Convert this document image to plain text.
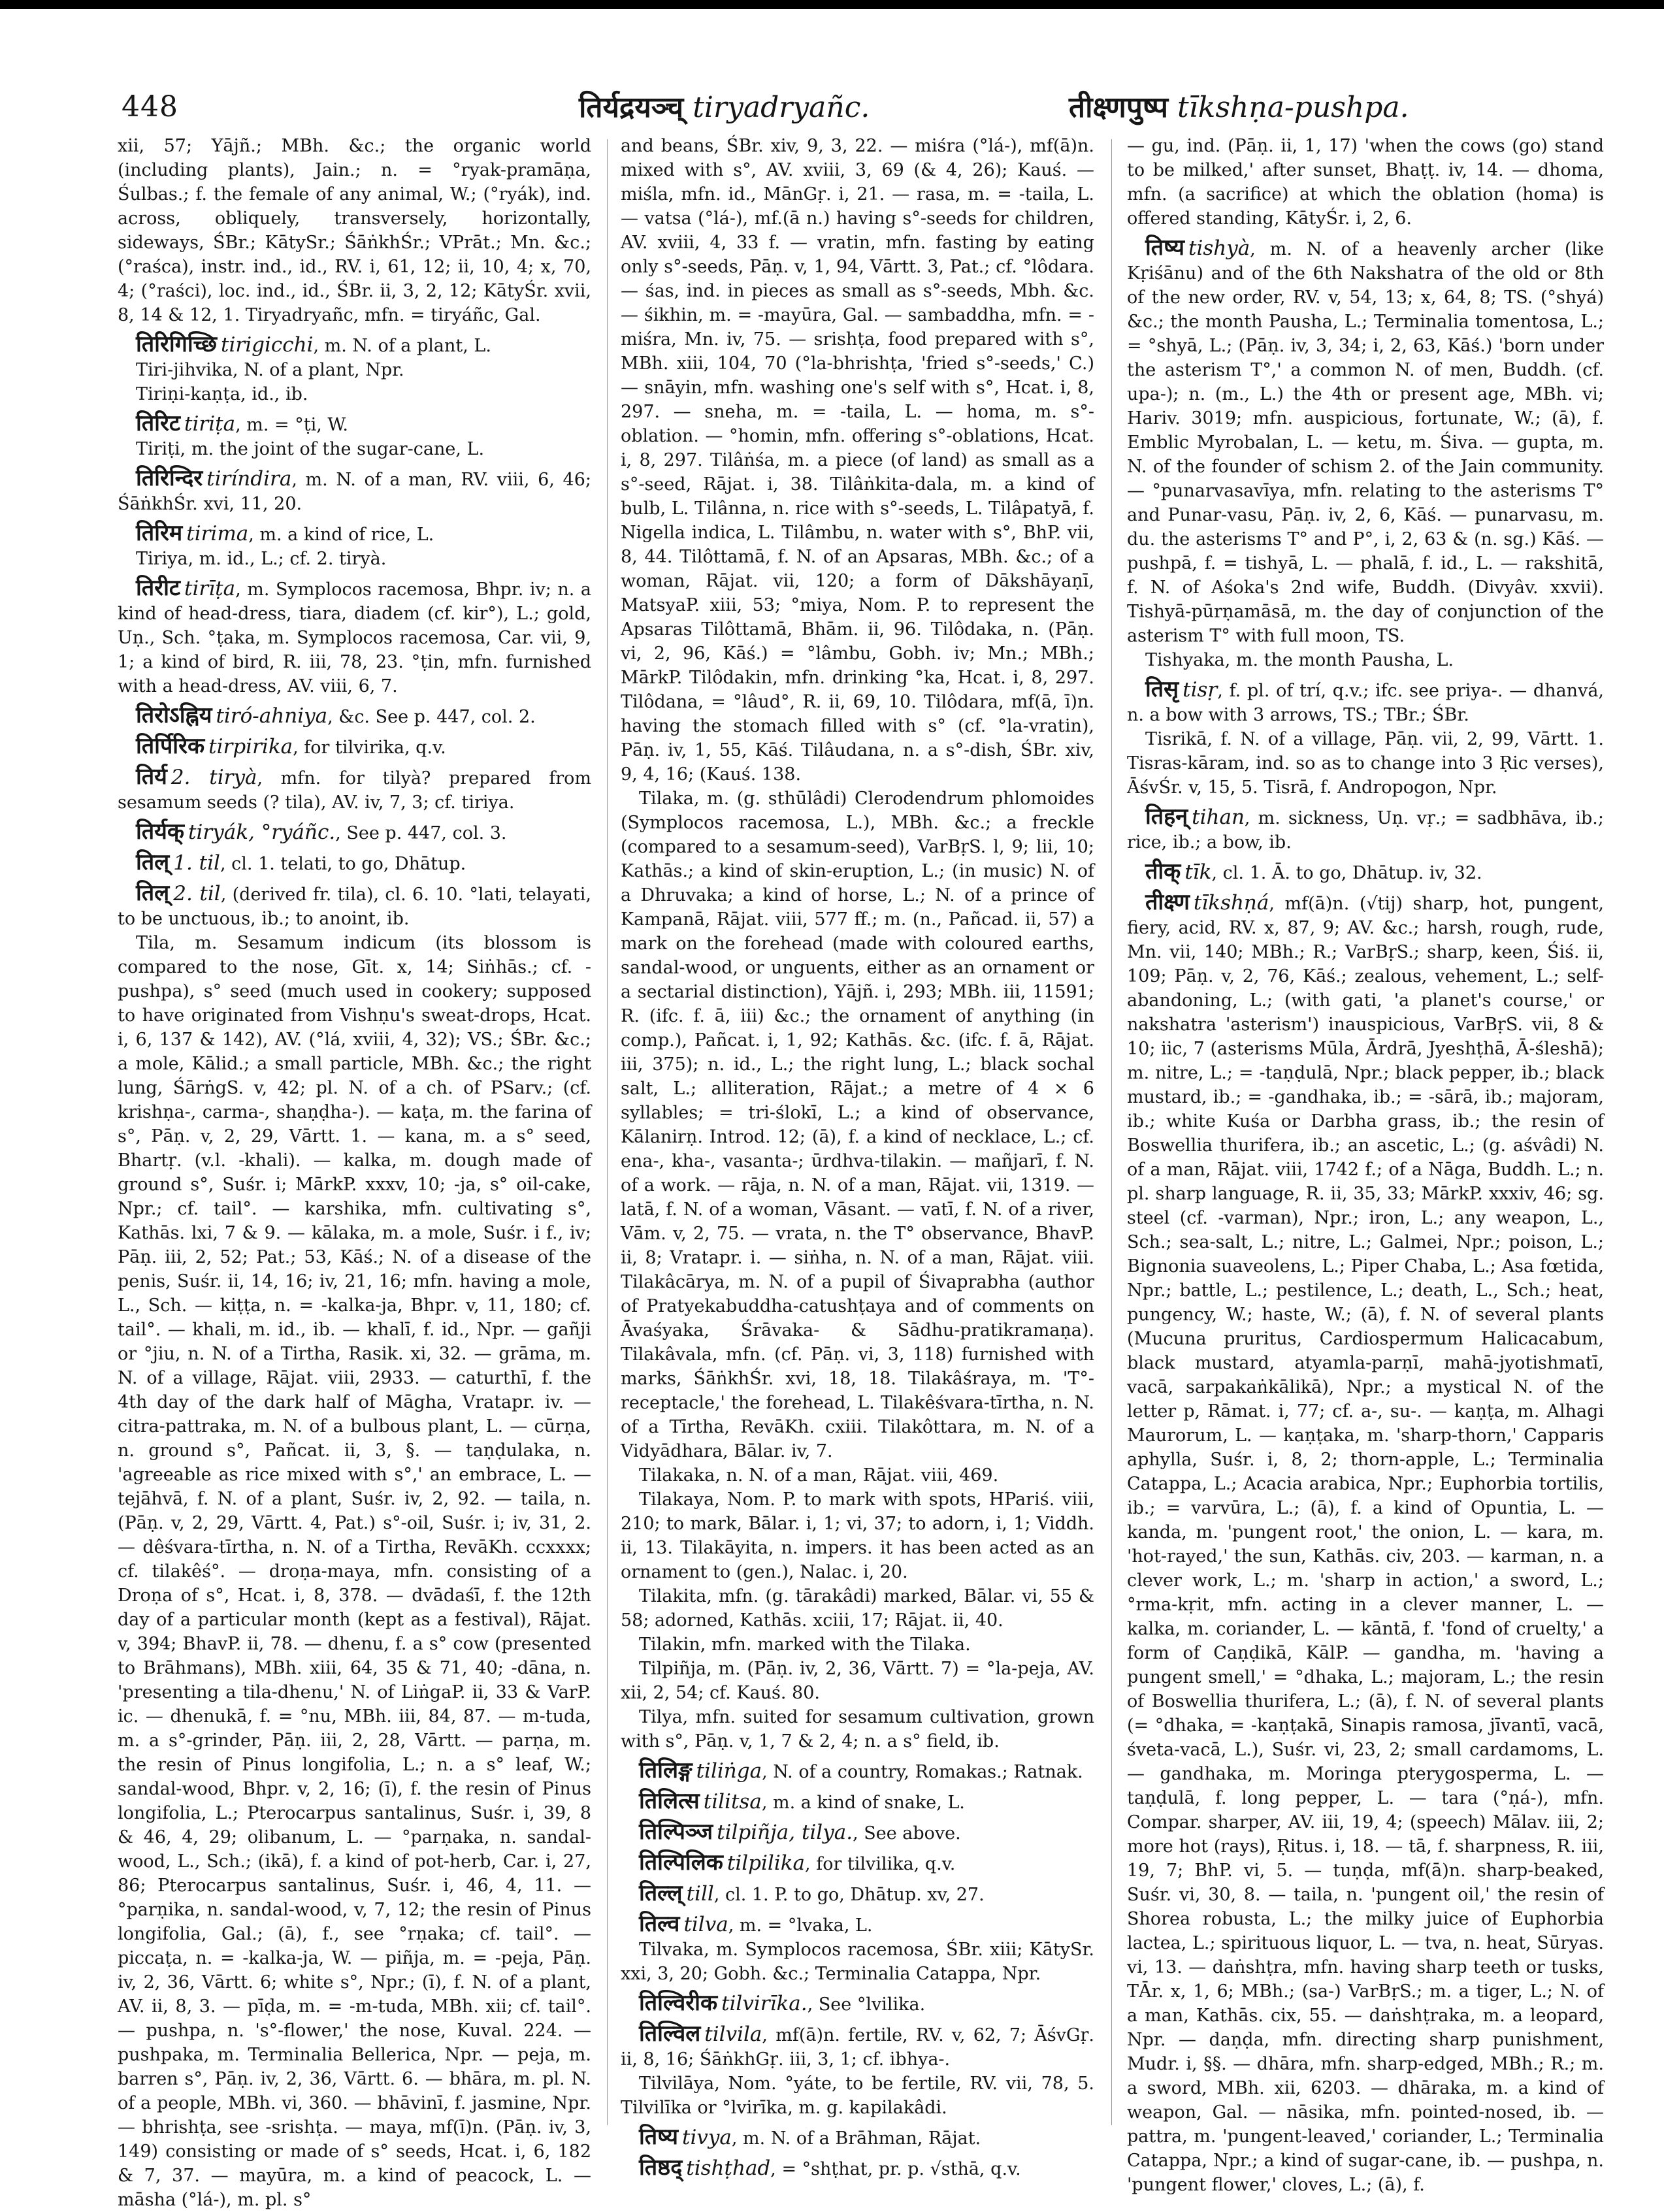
448	तिर्यद्रयञ्च् tiryadryañc.	तीक्ष्णपुष्प tīkshṇa-pushpa.

xii, 57; Yājñ.; MBh. &c.; the organic world (including plants), Jain.; n. = °ryak-pramāṇa, Śulbas.; f. the female of any animal, W.; (°ryák), ind. across, obliquely, transversely, horizontally, sideways, ŚBr.; KātySr.; ŚāṅkhŚr.; VPrāt.; Mn. &c.; (°raśca), instr. ind., id., RV. i, 61, 12; ii, 10, 4; x, 70, 4; (°raści), loc. ind., id., ŚBr. ii, 3, 2, 12; KātyŚr. xvii, 8, 14 & 12, 1. Tiryadryañc, mfn. = tiryáñc, Gal.

तिरिगिच्छि tirigicchi, m. N. of a plant, L.

Tiri-jihvika, N. of a plant, Npr.

Tiriṇi-kaṇṭa, id., ib.

तिरिट tiriṭa, m. = °ṭi, W.

Tiriṭi, m. the joint of the sugar-cane, L.

तिरिन्दिर tiríndira, m. N. of a man, RV. viii, 6, 46; ŚāṅkhŚr. xvi, 11, 20.

तिरिम tirima, m. a kind of rice, L.

Tiriya, m. id., L.; cf. 2. tiryà.

तिरीट tirīṭa, m. Symplocos racemosa, Bhpr. iv; n. a kind of head-dress, tiara, diadem (cf. kir°), L.; gold, Uṇ., Sch. °ṭaka, m. Symplocos racemosa, Car. vii, 9, 1; a kind of bird, R. iii, 78, 23. °ṭin, mfn. furnished with a head-dress, AV. viii, 6, 7.

तिरोऽह्निय tiró-ahniya, &c. See p. 447, col. 2.

तिर्पिरिक tirpirika, for tilvirika, q.v.

तिर्य 2. tiryà, mfn. for tilyà? prepared from sesamum seeds (? tila), AV. iv, 7, 3; cf. tiriya.

तिर्यक् tiryák, °ryáñc., See p. 447, col. 3.

तिल् 1. til, cl. 1. telati, to go, Dhātup.

तिल् 2. til, (derived fr. tila), cl. 6. 10. °lati, telayati, to be unctuous, ib.; to anoint, ib.

Tila, m. Sesamum indicum (its blossom is compared to the nose, Gīt. x, 14; Siṅhās.; cf. -pushpa), s° seed (much used in cookery; supposed to have originated from Vishṇu's sweat-drops, Hcat. i, 6, 137 & 142), AV. (°lá, xviii, 4, 32); VS.; ŚBr. &c.; a mole, Kālid.; a small particle, MBh. &c.; the right lung, ŚārṅgS. v, 42; pl. N. of a ch. of PSarv.; (cf. krishṇa-, carma-, shaṇḍha-). — kaṭa, m. the farina of s°, Pāṇ. v, 2, 29, Vārtt. 1. — kana, m. a s° seed, Bhartṛ. (v.l. -khali). — kalka, m. dough made of ground s°, Suśr. i; MārkP. xxxv, 10; -ja, s° oil-cake, Npr.; cf. tail°. — karshika, mfn. cultivating s°, Kathās. lxi, 7 & 9. — kālaka, m. a mole, Suśr. i f., iv; Pāṇ. iii, 2, 52; Pat.; 53, Kāś.; N. of a disease of the penis, Suśr. ii, 14, 16; iv, 21, 16; mfn. having a mole, L., Sch. — kiṭṭa, n. = -kalka-ja, Bhpr. v, 11, 180; cf. tail°. — khali, m. id., ib. — khalī, f. id., Npr. — gañji or °jiu, n. N. of a Tirtha, Rasik. xi, 32. — grāma, m. N. of a village, Rājat. viii, 2933. — caturthī, f. the 4th day of the dark half of Māgha, Vratapr. iv. — citra-pattraka, m. N. of a bulbous plant, L. — cūrṇa, n. ground s°, Pañcat. ii, 3, §. — taṇḍulaka, n. 'agreeable as rice mixed with s°,' an embrace, L. — tejāhvā, f. N. of a plant, Suśr. iv, 2, 92. — taila, n. (Pāṇ. v, 2, 29, Vārtt. 4, Pat.) s°-oil, Suśr. i; iv, 31, 2. — dêśvara-tīrtha, n. N. of a Tirtha, RevāKh. ccxxxx; cf. tilakêś°. — droṇa-maya, mfn. consisting of a Droṇa of s°, Hcat. i, 8, 378. — dvādaśī, f. the 12th day of a particular month (kept as a festival), Rājat. v, 394; BhavP. ii, 78. — dhenu, f. a s° cow (presented to Brāhmans), MBh. xiii, 64, 35 & 71, 40; -dāna, n. 'presenting a tila-dhenu,' N. of LiṅgaP. ii, 33 & VarP. ic. — dhenukā, f. = °nu, MBh. iii, 84, 87. — m-tuda, m. a s°-grinder, Pāṇ. iii, 2, 28, Vārtt. — parṇa, m. the resin of Pinus longifolia, L.; n. a s° leaf, W.; sandal-wood, Bhpr. v, 2, 16; (ī), f. the resin of Pinus longifolia, L.; Pterocarpus santalinus, Suśr. i, 39, 8 & 46, 4, 29; olibanum, L. — °parṇaka, n. sandal-wood, L., Sch.; (ikā), f. a kind of pot-herb, Car. i, 27, 86; Pterocarpus santalinus, Suśr. i, 46, 4, 11. — °parṇika, n. sandal-wood, v, 7, 12; the resin of Pinus longifolia, Gal.; (ā), f., see °rṇaka; cf. tail°. — piccaṭa, n. = -kalka-ja, W. — piñja, m. = -peja, Pāṇ. iv, 2, 36, Vārtt. 6; white s°, Npr.; (ī), f. N. of a plant, AV. ii, 8, 3. — pīḍa, m. = -m-tuda, MBh. xii; cf. tail°. — pushpa, n. 's°-flower,' the nose, Kuval. 224. — pushpaka, m. Terminalia Bellerica, Npr. — peja, m. barren s°, Pāṇ. iv, 2, 36, Vārtt. 6. — bhāra, m. pl. N. of a people, MBh. vi, 360. — bhāvinī, f. jasmine, Npr. — bhrishṭa, see -srishṭa. — maya, mf(ī)n. (Pāṇ. iv, 3, 149) consisting or made of s° seeds, Hcat. i, 6, 182 & 7, 37. — mayūra, m. a kind of peacock, L. — māsha (°lá-), m. pl. s°

and beans, ŚBr. xiv, 9, 3, 22. — miśra (°lá-), mf(ā)n. mixed with s°, AV. xviii, 3, 69 (& 4, 26); Kauś. — miśla, mfn. id., MānGṛ. i, 21. — rasa, m. = -taila, L. — vatsa (°lá-), mf.(ā n.) having s°-seeds for children, AV. xviii, 4, 33 f. — vratin, mfn. fasting by eating only s°-seeds, Pāṇ. v, 1, 94, Vārtt. 3, Pat.; cf. °lôdara. — śas, ind. in pieces as small as s°-seeds, Mbh. &c. — śikhin, m. = -mayūra, Gal. — sambaddha, mfn. = -miśra, Mn. iv, 75. — srishṭa, food prepared with s°, MBh. xiii, 104, 70 (°la-bhrishṭa, 'fried s°-seeds,' C.) — snāyin, mfn. washing one's self with s°, Hcat. i, 8, 297. — sneha, m. = -taila, L. — homa, m. s°-oblation. — °homin, mfn. offering s°-oblations, Hcat. i, 8, 297. Tilâṅśa, m. a piece (of land) as small as a s°-seed, Rājat. i, 38. Tilâṅkita-dala, m. a kind of bulb, L. Tilânna, n. rice with s°-seeds, L. Tilâpatyā, f. Nigella indica, L. Tilâmbu, n. water with s°, BhP. vii, 8, 44. Tilôttamā, f. N. of an Apsaras, MBh. &c.; of a woman, Rājat. vii, 120; a form of Dākshāyaṇī, MatsyaP. xiii, 53; °miya, Nom. P. to represent the Apsaras Tilôttamā, Bhām. ii, 96. Tilôdaka, n. (Pāṇ. vi, 2, 96, Kāś.) = °lâmbu, Gobh. iv; Mn.; MBh.; MārkP. Tilôdakin, mfn. drinking °ka, Hcat. i, 8, 297. Tilôdana, = °lâud°, R. ii, 69, 10. Tilôdara, mf(ā, ī)n. having the stomach filled with s° (cf. °la-vratin), Pāṇ. iv, 1, 55, Kāś. Tilâudana, n. a s°-dish, ŚBr. xiv, 9, 4, 16; (Kauś. 138.

Tilaka, m. (g. sthūlâdi) Clerodendrum phlomoides (Symplocos racemosa, L.), MBh. &c.; a freckle (compared to a sesamum-seed), VarBṛS. l, 9; lii, 10; Kathās.; a kind of skin-eruption, L.; (in music) N. of a Dhruvaka; a kind of horse, L.; N. of a prince of Kampanā, Rājat. viii, 577 ff.; m. (n., Pañcad. ii, 57) a mark on the forehead (made with coloured earths, sandal-wood, or unguents, either as an ornament or a sectarial distinction), Yājñ. i, 293; MBh. iii, 11591; R. (ifc. f. ā, iii) &c.; the ornament of anything (in comp.), Pañcat. i, 1, 92; Kathās. &c. (ifc. f. ā, Rājat. iii, 375); n. id., L.; the right lung, L.; black sochal salt, L.; alliteration, Rājat.; a metre of 4 × 6 syllables; = tri-ślokī, L.; a kind of observance, Kālanirṇ. Introd. 12; (ā), f. a kind of necklace, L.; cf. ena-, kha-, vasanta-; ūrdhva-tilakin. — mañjarī, f. N. of a work. — rāja, n. N. of a man, Rājat. vii, 1319. — latā, f. N. of a woman, Vāsant. — vatī, f. N. of a river, Vām. v, 2, 75. — vrata, n. the T° observance, BhavP. ii, 8; Vratapr. i. — siṅha, n. N. of a man, Rājat. viii. Tilakâcārya, m. N. of a pupil of Śivaprabha (author of Pratyekabuddha-catushṭaya and of comments on Āvaśyaka, Śrāvaka- & Sādhu-pratikramaṇa). Tilakâvala, mfn. (cf. Pāṇ. vi, 3, 118) furnished with marks, ŚāṅkhŚr. xvi, 18, 18. Tilakâśraya, m. 'T°-receptacle,' the forehead, L. Tilakêśvara-tīrtha, n. N. of a Tīrtha, RevāKh. cxiii. Tilakôttara, m. N. of a Vidyādhara, Bālar. iv, 7.

Tilakaka, n. N. of a man, Rājat. viii, 469.

Tilakaya, Nom. P. to mark with spots, HPariś. viii, 210; to mark, Bālar. i, 1; vi, 37; to adorn, i, 1; Viddh. ii, 13. Tilakāyita, n. impers. it has been acted as an ornament to (gen.), Nalac. i, 20.

Tilakita, mfn. (g. tārakâdi) marked, Bālar. vi, 55 & 58; adorned, Kathās. xciii, 17; Rājat. ii, 40.

Tilakin, mfn. marked with the Tilaka.

Tilpiñja, m. (Pāṇ. iv, 2, 36, Vārtt. 7) = °la-peja, AV. xii, 2, 54; cf. Kauś. 80.

Tilya, mfn. suited for sesamum cultivation, grown with s°, Pāṇ. v, 1, 7 & 2, 4; n. a s° field, ib.

तिलिङ्ग tiliṅga, N. of a country, Romakas.; Ratnak.

तिलित्स tilitsa, m. a kind of snake, L.

तिल्पिञ्ज tilpiñja, tilya., See above.

तिल्पिलिक tilpilika, for tilvilika, q.v.

तिल्ल् till, cl. 1. P. to go, Dhātup. xv, 27.

तिल्व tilva, m. = °lvaka, L.

Tilvaka, m. Symplocos racemosa, ŚBr. xiii; KātySr. xxi, 3, 20; Gobh. &c.; Terminalia Catappa, Npr.

तिल्विरीक tilvirīka., See °lvilika.

तिल्विल tilvila, mf(ā)n. fertile, RV. v, 62, 7; ĀśvGṛ. ii, 8, 16; ŚāṅkhGṛ. iii, 3, 1; cf. ibhya-.

Tilvilāya, Nom. °yáte, to be fertile, RV. vii, 78, 5. Tilvilīka or °lvirīka, m. g. kapilakâdi.

तिष्य tivya, m. N. of a Brāhman, Rājat.

तिष्ठद् tishṭhad, = °shṭhat, pr. p. √sthā, q.v.

— gu, ind. (Pāṇ. ii, 1, 17) 'when the cows (go) stand to be milked,' after sunset, Bhaṭṭ. iv, 14. — dhoma, mfn. (a sacrifice) at which the oblation (homa) is offered standing, KātyŚr. i, 2, 6.

तिष्य tishyà, m. N. of a heavenly archer (like Kṛiśānu) and of the 6th Nakshatra of the old or 8th of the new order, RV. v, 54, 13; x, 64, 8; TS. (°shyá) &c.; the month Pausha, L.; Terminalia tomentosa, L.; = °shyā, L.; (Pāṇ. iv, 3, 34; i, 2, 63, Kāś.) 'born under the asterism T°,' a common N. of men, Buddh. (cf. upa-); n. (m., L.) the 4th or present age, MBh. vi; Hariv. 3019; mfn. auspicious, fortunate, W.; (ā), f. Emblic Myrobalan, L. — ketu, m. Śiva. — gupta, m. N. of the founder of schism 2. of the Jain community. — °punarvasavīya, mfn. relating to the asterisms T° and Punar-vasu, Pāṇ. iv, 2, 6, Kāś. — punarvasu, m. du. the asterisms T° and P°, i, 2, 63 & (n. sg.) Kāś. — pushpā, f. = tishyā, L. — phalā, f. id., L. — rakshitā, f. N. of Aśoka's 2nd wife, Buddh. (Divyâv. xxvii). Tishyā-pūrṇamāsā, m. the day of conjunction of the asterism T° with full moon, TS.

Tishyaka, m. the month Pausha, L.

तिसृ tisṛ, f. pl. of trí, q.v.; ifc. see priya-. — dhanvá, n. a bow with 3 arrows, TS.; TBr.; ŚBr.

Tisrikā, f. N. of a village, Pāṇ. vii, 2, 99, Vārtt. 1. Tisras-kāram, ind. so as to change into 3 Ṛic verses), ĀśvŚr. v, 15, 5. Tisrā, f. Andropogon, Npr.

तिहन् tihan, m. sickness, Uṇ. vṛ.; = sadbhāva, ib.; rice, ib.; a bow, ib.

तीक् tīk, cl. 1. Ā. to go, Dhātup. iv, 32.

तीक्ष्ण tīkshṇá, mf(ā)n. (√tij) sharp, hot, pungent, fiery, acid, RV. x, 87, 9; AV. &c.; harsh, rough, rude, Mn. vii, 140; MBh.; R.; VarBṛS.; sharp, keen, Śiś. ii, 109; Pāṇ. v, 2, 76, Kāś.; zealous, vehement, L.; self-abandoning, L.; (with gati, 'a planet's course,' or nakshatra 'asterism') inauspicious, VarBṛS. vii, 8 & 10; iic, 7 (asterisms Mūla, Ārdrā, Jyeshṭhā, Ā-śleshā); m. nitre, L.; = -taṇḍulā, Npr.; black pepper, ib.; black mustard, ib.; = -gandhaka, ib.; = -sārā, ib.; majoram, ib.; white Kuśa or Darbha grass, ib.; the resin of Boswellia thurifera, ib.; an ascetic, L.; (g. aśvâdi) N. of a man, Rājat. viii, 1742 f.; of a Nāga, Buddh. L.; n. pl. sharp language, R. ii, 35, 33; MārkP. xxxiv, 46; sg. steel (cf. -varman), Npr.; iron, L.; any weapon, L., Sch.; sea-salt, L.; nitre, L.; Galmei, Npr.; poison, L.; Bignonia suaveolens, L.; Piper Chaba, L.; Asa fœtida, Npr.; battle, L.; pestilence, L.; death, L., Sch.; heat, pungency, W.; haste, W.; (ā), f. N. of several plants (Mucuna pruritus, Cardiospermum Halicacabum, black mustard, atyamla-parṇī, mahā-jyotishmatī, vacā, sarpakaṅkālikā), Npr.; a mystical N. of the letter p, Rāmat. i, 77; cf. a-, su-. — kaṇṭa, m. Alhagi Maurorum, L. — kaṇṭaka, m. 'sharp-thorn,' Capparis aphylla, Suśr. i, 8, 2; thorn-apple, L.; Terminalia Catappa, L.; Acacia arabica, Npr.; Euphorbia tortilis, ib.; = varvūra, L.; (ā), f. a kind of Opuntia, L. — kanda, m. 'pungent root,' the onion, L. — kara, m. 'hot-rayed,' the sun, Kathās. civ, 203. — karman, n. a clever work, L.; m. 'sharp in action,' a sword, L.; °rma-kṛit, mfn. acting in a clever manner, L. — kalka, m. coriander, L. — kāntā, f. 'fond of cruelty,' a form of Caṇḍikā, KālP. — gandha, m. 'having a pungent smell,' = °dhaka, L.; majoram, L.; the resin of Boswellia thurifera, L.; (ā), f. N. of several plants (= °dhaka, = -kaṇṭakā, Sinapis ramosa, jīvantī, vacā, śveta-vacā, L.), Suśr. vi, 23, 2; small cardamoms, L. — gandhaka, m. Moringa pterygosperma, L. — taṇḍulā, f. long pepper, L. — tara (°ṇá-), mfn. Compar. sharper, AV. iii, 19, 4; (speech) Mālav. iii, 2; more hot (rays), Ṛitus. i, 18. — tā, f. sharpness, R. iii, 19, 7; BhP. vi, 5. — tuṇḍa, mf(ā)n. sharp-beaked, Suśr. vi, 30, 8. — taila, n. 'pungent oil,' the resin of Shorea robusta, L.; the milky juice of Euphorbia lactea, L.; spirituous liquor, L. — tva, n. heat, Sūryas. vi, 13. — daṅshṭra, mfn. having sharp teeth or tusks, TĀr. x, 1, 6; MBh.; (sa-) VarBṛS.; m. a tiger, L.; N. of a man, Kathās. cix, 55. — daṅshṭraka, m. a leopard, Npr. — daṇḍa, mfn. directing sharp punishment, Mudr. i, §§. — dhāra, mfn. sharp-edged, MBh.; R.; m. a sword, MBh. xii, 6203. — dhāraka, m. a kind of weapon, Gal. — nāsika, mfn. pointed-nosed, ib. — pattra, m. 'pungent-leaved,' coriander, L.; Terminalia Catappa, Npr.; a kind of sugar-cane, ib. — pushpa, n. 'pungent flower,' cloves, L.; (ā), f.
